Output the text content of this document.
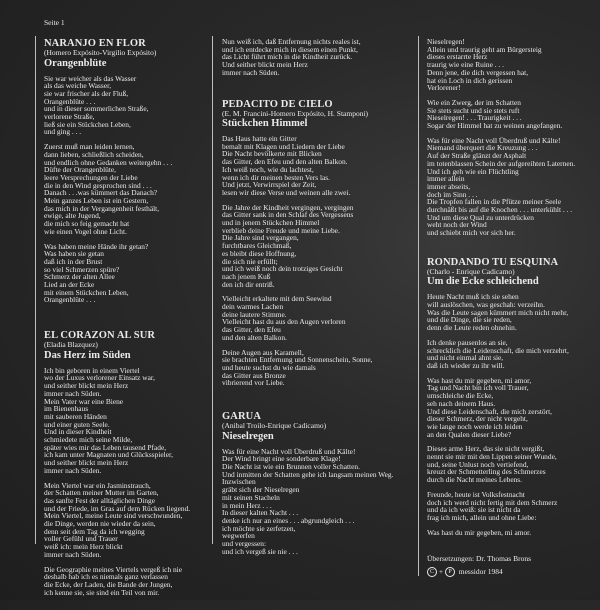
Seite 1
NARANJO EN FLOR
(Homero Expósito-Virgilio Expósito)
Orangenblüte
Sie war weicher als das Wasser
als das weiche Wasser,
sie war frischer als der Fluß,
Orangenblüte . . .
und in dieser sommerlichen Straße,
verlorene Straße,
ließ sie ein Stückchen Leben,
und ging . . .
Zuerst muß man leiden lernen,
dann lieben, schließlich scheiden,
und endlich ohne Gedanken weitergehn . . .
Düfte der Orangenblüte,
leere Versprechungen der Liebe
die in den Wind gesprochen sind . . .
Danach . . .was kümmert das Danach?
Mein ganzes Leben ist ein Gestern,
das mich in der Vergangenheit festhält,
ewige, alte Jugend,
die mich so feig gemacht hat
wie einen Vogel ohne Licht.
Was haben meine Hände ihr getan?
Was haben sie getan
daß ich in der Brust
so viel Schmerzen spüre?
Schmerz der alten Allee
Lied an der Ecke
mit einem Stückchen Leben,
Orangenblüte . . .
EL CORAZON AL SUR
(Eladia Blazquez)
Das Herz im Süden
Ich bin geboren in einem Viertel
wo der Luxus verlorener Einsatz war,
und seither blickt mein Herz
immer nach Süden.
Mein Vater war eine Biene
im Bienenhaus
mit sauberen Händen
und einer guten Seele.
Und in dieser Kindheit
schmiedete mich seine Milde,
später wies mir das Leben tausend Pfade,
ich kam unter Magnaten und Glücksspieler,
und seither blickt mein Herz
immer nach Süden.
Mein Viertel war ein Jasminstrauch,
der Schatten meiner Mutter im Garten,
das sanfte Fest der alltäglichen Dinge
und der Friede, im Gras auf dem Rücken liegend.
Mein Viertel, meine Leute sind verschwunden,
die Dinge, werden nie wieder da sein,
denn seit dem Tag da ich wegging
voller Gefühl und Trauer
weiß ich: mein Herz blickt
immer nach Süden.
Die Geographie meines Viertels vergeß ich nie
deshalb hab ich es niemals ganz verlassen
die Ecke, der Laden, die Bande der Jungen,
ich kenne sie, sie sind ein Teil von mir.
Nun weiß ich, daß Entfernung nichts reales ist,
und ich entdecke mich in diesem einen Punkt,
das Licht führt mich in die Kindheit zurück.
Und seither blickt mein Herz
immer nach Süden.
PEDACITO DE CIELO
(E. M. Francini-Homero Expósito, H. Stamponi)
Stückchen Himmel
Das Haus hatte ein Gitter
bemalt mit Klagen und Liedern der Liebe
Die Nacht bevölkerte mit Blicken
das Gitter, den Efeu und den alten Balkon.
Ich weiß noch, wie du lachtest,
wenn ich dir meinen besten Vers las.
Und jetzt, Verwirrspiel der Zeit,
lesen wir diese Verse und weinen alle zwei.
Die Jahre der Kindheit vergingen, vergingen
das Gitter sank in den Schlaf des Vergessens
und in jenem Stückchen Himmel
verblieb deine Freude und meine Liebe.
Die Jahre sind vergangen,
furchtbares Gleichmaß,
es bleibt diese Hoffnung,
die sich nie erfüllt;
und ich weiß noch dein trotziges Gesicht
nach jenem Kuß
den ich dir entriß.
Vielleicht erkaltete mit dem Seewind
dein warmes Lachen
deine lautere Stimme.
Vielleicht hast du aus den Augen verloren
das Gitter, den Efeu
und den alten Balkon.
Deine Augen aus Karamell,
sie brachten Entfernung und Sonnenschein, Sonne,
und heute suchst du wie damals
das Gitter aus Bronze
vibrierend vor Liebe.
GARUA
(Anibal Troilo-Enrique Cadicamo)
Nieselregen
Was für eine Nacht voll Überdruß und Kälte!
Der Wind bringt eine sonderbare Klage!
Die Nacht ist wie ein Brunnen voller Schatten.
Und inmitten der Schatten gehe ich langsam meinen Weg.
Inzwischen
gräbt sich der Nieselregen
mit seinen Stacheln
in mein Herz . . .
In dieser kalten Nacht . . .
denke ich nur an eines . . . abgrundgleich . . .
ich möchte sie zerfetzen,
wegwerfen
und vergessen:
und ich vergeß sie nie . . .
Nieselregen!
Allein und traurig geht am Bürgersteig
dieses erstarrte Herz
traurig wie eine Ruine . . .
Denn jene, die dich vergessen hat,
hat ein Loch in dich gerissen
Verlorener!
Wie ein Zwerg, der im Schatten
Sie stets sucht und sie stets ruft
Nieselregen! . . . Traurigkeit . . .
Sogar der Himmel hat zu weinen angefangen.
Was für eine Nacht voll Überdruß und Kälte!
Niemand überquert die Kreuzung . . .
Auf der Straße glänzt der Asphalt
im totenblassen Schein der aufgereihten Laternen.
Und ich geh wie ein Flüchtling
immer allein
immer abseits,
doch im Sinn . . .
Die Tropfen fallen in die Pfütze meiner Seele
durchnäßt bis auf die Knochen . . . unterkühlt . . .
Und um diese Qual zu unterdrücken
weht noch der Wind
und schiebt mich vor sich her.
RONDANDO TU ESQUINA
(Charlo - Enrique Cadicamo)
Um die Ecke schleichend
Heute Nacht muß ich sie sehen
will auslöschen, was geschah: verzeihn.
Was die Leute sagen kümmert mich nicht mehr,
und die Dinge, die sie reden,
denn die Leute reden ohnehin.
Ich denke pausenlos an sie,
schrecklich die Leidenschaft, die mich verzehrt,
und nicht einmal ahnt sie,
daß ich wieder zu ihr will.
Was hast du mir gegeben, mi amor,
Tag und Nacht bin ich voll Trauer,
umschleiche die Ecke,
seh nach deinem Haus.
Und diese Leidenschaft, die mich zerstört,
dieser Schmerz, der nicht vergeht,
wie lange noch werde ich leiden
an den Qualen dieser Liebe?
Dieses arme Herz, das sie nicht vergißt,
nennt sie mir mit den Lippen seiner Wunde,
und, seine Unlust noch vertiefend,
kreuzt der Schmetterling des Schmerzes
durch die Nacht meines Lebens.
Freunde, heute ist Volksfestnacht
doch ich werd nicht fertig mit dem Schmerz
und da ich weiß: sie ist nicht da
frag ich mich, allein und ohne Liebe:
Was hast du mir gegeben, mi amor.
Übersetzungen: Dr. Thomas Brons
C + P messidor 1984
